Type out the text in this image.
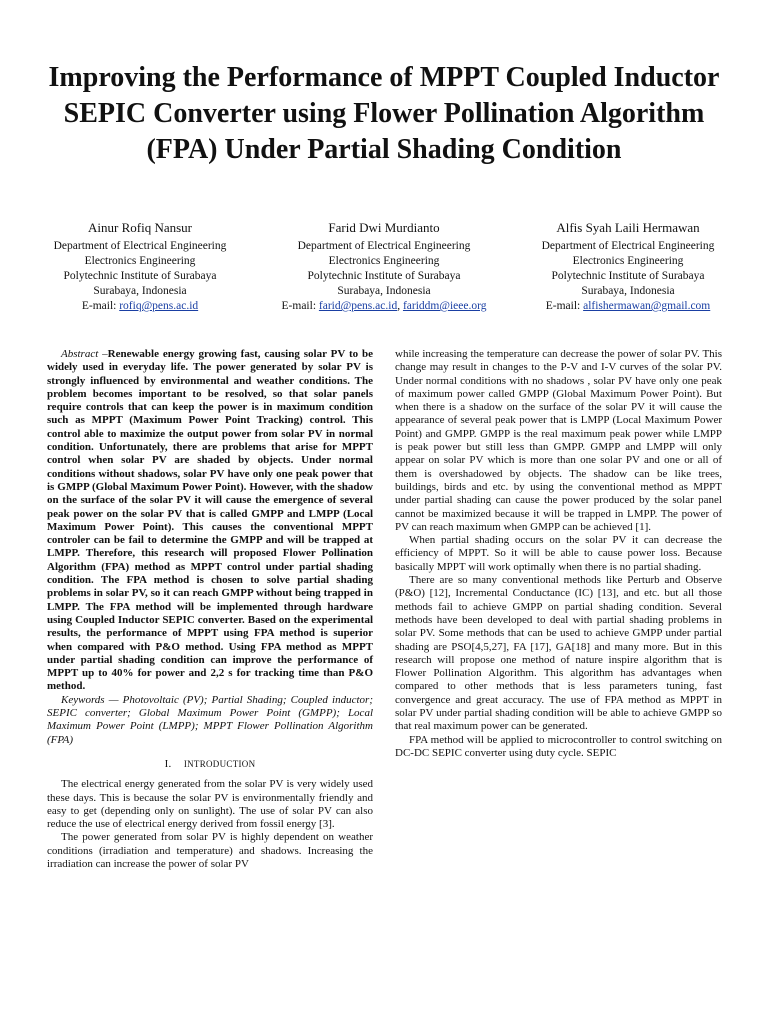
Improving the Performance of MPPT Coupled Inductor SEPIC Converter using Flower Pollination Algorithm (FPA) Under Partial Shading Condition
Ainur Rofiq Nansur
Department of Electrical Engineering
Electronics Engineering
Polytechnic Institute of Surabaya
Surabaya, Indonesia
E-mail: rofiq@pens.ac.id
Farid Dwi Murdianto
Department of Electrical Engineering
Electronics Engineering
Polytechnic Institute of Surabaya
Surabaya, Indonesia
E-mail: farid@pens.ac.id, fariddm@ieee.org
Alfis Syah Laili Hermawan
Department of Electrical Engineering
Electronics Engineering
Polytechnic Institute of Surabaya
Surabaya, Indonesia
E-mail: alfishermawan@gmail.com

Abstract –Renewable energy growing fast, causing solar PV to be widely used in everyday life. The power generated by solar PV is strongly influenced by environmental and weather conditions. The problem becomes important to be resolved, so that solar panels require controls that can keep the power is in maximum condition such as MPPT (Maximum Power Point Tracking) control. This control able to maximize the output power from solar PV in normal condition. Unfortunately, there are problems that arise for MPPT control when solar PV are shaded by objects. Under normal conditions without shadows, solar PV have only one peak power that is GMPP (Global Maximum Power Point). However, with the shadow on the surface of the solar PV it will cause the emergence of several peak power on the solar PV that is called GMPP and LMPP (Local Maximum Power Point). This causes the conventional MPPT controler can be fail to determine the GMPP and will be trapped at LMPP. Therefore, this research will proposed Flower Pollination Algorithm (FPA) method as MPPT control under partial shading condition. The FPA method is chosen to solve partial shading problems in solar PV, so it can reach GMPP without being trapped in LMPP. The FPA method will be implemented through hardware using Coupled Inductor SEPIC converter. Based on the experimental results, the performance of MPPT using FPA method is superior when compared with P&O method. Using FPA method as MPPT under partial shading condition can improve the performance of MPPT up to 40% for power and 2,2 s for tracking time than P&O method.

Keywords — Photovoltaic (PV); Partial Shading; Coupled inductor; SEPIC converter; Global Maximum Power Point (GMPP); Local Maximum Power Point (LMPP); MPPT Flower Pollination Algorithm (FPA)

I. INTRODUCTION

The electrical energy generated from the solar PV is very widely used these days. This is because the solar PV is environmentally friendly and easy to get (depending only on sunlight). The use of solar PV can also reduce the use of electrical energy derived from fossil energy [3].

The power generated from solar PV is highly dependent on weather conditions (irradiation and temperature) and shadows. Increasing the irradiation can increase the power of solar PV

while increasing the temperature can decrease the power of solar PV. This change may result in changes to the P-V and I-V curves of the solar PV. Under normal conditions with no shadows , solar PV have only one peak of maximum power called GMPP (Global Maximum Power Point). But when there is a shadow on the surface of the solar PV it will cause the appearance of several peak power that is LMPP (Local Maximum Power Point) and GMPP. GMPP is the real maximum peak power while LMPP is peak power but still less than GMPP. GMPP and LMPP will only appear on solar PV which is more than one solar PV and one or all of them is overshadowed by objects. The shadow can be like trees, buildings, birds and etc. by using the conventional method as MPPT under partial shading can cause the power produced by the solar panel cannot be maximized because it will be trapped in LMPP. The power of PV can reach maximum when GMPP can be achieved [1].

When partial shading occurs on the solar PV it can decrease the efficiency of MPPT. So it will be able to cause power loss. Because basically MPPT will work optimally when there is no partial shading.

There are so many conventional methods like Perturb and Observe (P&O) [12], Incremental Conductance (IC) [13], and etc. but all those methods fail to achieve GMPP on partial shading condition. Several methods have been developed to deal with partial shading problems in solar PV. Some methods that can be used to achieve GMPP under partial shading are PSO[4,5,27], FA [17], GA[18] and many more. But in this research will propose one method of nature inspire algorithm that is Flower Pollination Algorithm. This algorithm has advantages when compared to other methods that is less parameters tuning, fast convergence and great accuracy. The use of FPA method as MPPT in solar PV under partial shading condition will be able to achieve GMPP so that real maximum power can be generated.

FPA method will be applied to microcontroller to control switching on DC-DC SEPIC converter using duty cycle. SEPIC
